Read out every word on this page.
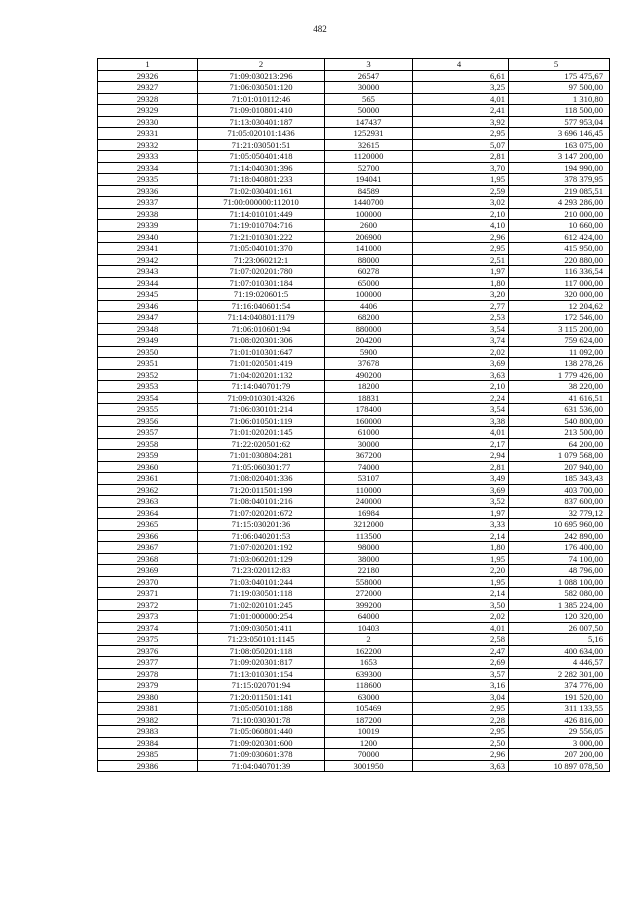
482
1	2	3	4	5
29326	71:09:030213:296	26547	6,61	175 475,67
29327	71:06:030501:120	30000	3,25	97 500,00
29328	71:01:010112:46	565	4,01	1 310,80
29329	71:09:010801:410	50000	2,41	118 500,00
29330	71:13:030401:187	147437	3,92	577 953,04
29331	71:05:020101:1436	1252931	2,95	3 696 146,45
29332	71:21:030501:51	32615	5,07	163 075,00
29333	71:05:050401:418	1120000	2,81	3 147 200,00
29334	71:14:040301:396	52700	3,70	194 990,00
29335	71:18:040801:233	194041	1,95	378 379,95
29336	71:02:030401:161	84589	2,59	219 085,51
29337	71:00:000000:112010	1440700	3,02	4 293 286,00
29338	71:14:010101:449	100000	2,10	210 000,00
29339	71:19:010704:716	2600	4,10	10 660,00
29340	71:21:010301:222	206900	2,96	612 424,00
29341	71:05:040101:370	141000	2,95	415 950,00
29342	71:23:060212:1	88000	2,51	220 880,00
29343	71:07:020201:780	60278	1,97	116 336,54
29344	71:07:010301:184	65000	1,80	117 000,00
29345	71:19:020601:5	100000	3,20	320 000,00
29346	71:16:040601:54	4406	2,77	12 204,62
29347	71:14:040801:1179	68200	2,53	172 546,00
29348	71:06:010601:94	880000	3,54	3 115 200,00
29349	71:08:020301:306	204200	3,74	759 624,00
29350	71:01:010301:647	5900	2,02	11 092,00
29351	71:01:020501:419	37678	3,69	138 278,26
29352	71:04:020201:132	490200	3,63	1 779 426,00
29353	71:14:040701:79	18200	2,10	38 220,00
29354	71:09:010301:4326	18831	2,24	41 616,51
29355	71:06:030101:214	178400	3,54	631 536,00
29356	71:06:010501:119	160000	3,38	540 800,00
29357	71:01:020201:145	61000	4,01	213 500,00
29358	71:22:020501:62	30000	2,17	64 200,00
29359	71:01:030804:281	367200	2,94	1 079 568,00
29360	71:05:060301:77	74000	2,81	207 940,00
29361	71:08:020401:336	53107	3,49	185 343,43
29362	71:20:011501:199	110000	3,69	403 700,00
29363	71:08:040101:216	240000	3,52	837 600,00
29364	71:07:020201:672	16984	1,97	32 779,12
29365	71:15:030201:36	3212000	3,33	10 695 960,00
29366	71:06:040201:53	113500	2,14	242 890,00
29367	71:07:020201:192	98000	1,80	176 400,00
29368	71:03:060201:129	38000	1,95	74 100,00
29369	71:23:020112:83	22180	2,20	48 796,00
29370	71:03:040101:244	558000	1,95	1 088 100,00
29371	71:19:030501:118	272000	2,14	582 080,00
29372	71:02:020101:245	399200	3,50	1 385 224,00
29373	71:01:000000:254	64000	2,02	120 320,00
29374	71:09:030501:411	10403	4,01	26 007,50
29375	71:23:050101:1145	2	2,58	5,16
29376	71:08:050201:118	162200	2,47	400 634,00
29377	71:09:020301:817	1653	2,69	4 446,57
29378	71:13:010301:154	639300	3,57	2 282 301,00
29379	71:15:020701:94	118600	3,16	374 776,00
29380	71:20:011501:141	63000	3,04	191 520,00
29381	71:05:050101:188	105469	2,95	311 133,55
29382	71:10:030301:78	187200	2,28	426 816,00
29383	71:05:060801:440	10019	2,95	29 556,05
29384	71:09:020301:600	1200	2,50	3 000,00
29385	71:09:030601:378	70000	2,96	207 200,00
29386	71:04:040701:39	3001950	3,63	10 897 078,50
